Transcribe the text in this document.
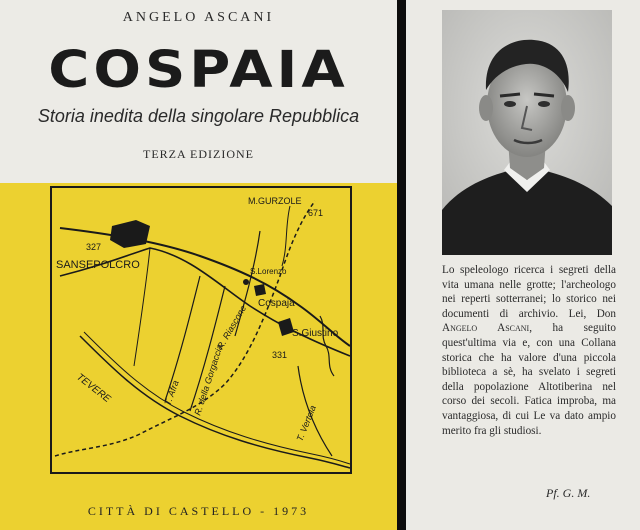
ANGELO ASCANI
COSPAIA
Storia inedita della singolare Repubblica
TERZA EDIZIONE
M.GURZOLE
671
327
SANSEPOLCRO
S.Lorenzo
Cospaja
S.Giustino
331
TEVERE	T. Afra R. della Gorgaccia
R. Riascone
T. Vertola
CITTÀ DI CASTELLO - 1973
Lo speleologo ricerca i segreti della vita umana nelle grotte; l'archeologo nei reperti sotterranei; lo storico nei documenti di archivio. Lei, Don Angelo Ascani, ha seguito quest'ultima via e, con una Collana storica che ha valore d'una piccola biblioteca a sè, ha svelato i segreti della popolazione Altotiberina nel corso dei secoli. Fatica improba, ma vantaggiosa, di cui Le va dato ampio merito fra gli studiosi.
Pf. G. M.
